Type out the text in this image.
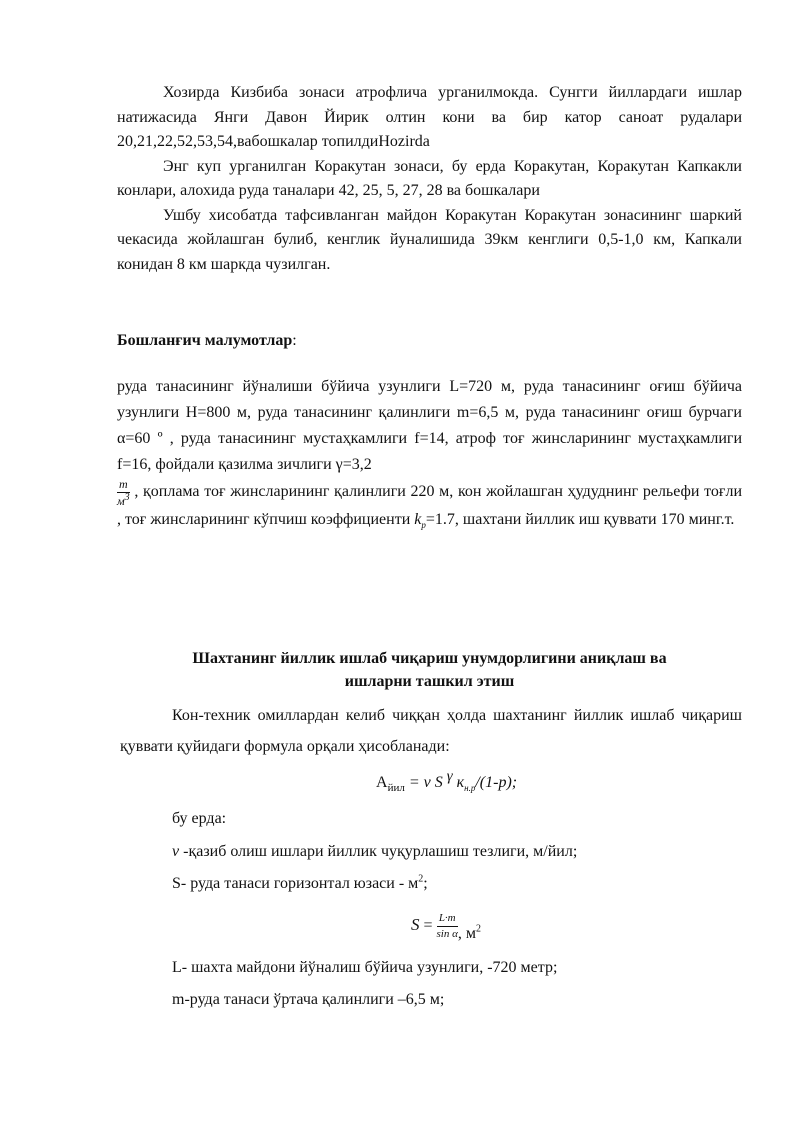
Хозирда Кизбиба зонаси атрофлича урганилмокда. Сунгги йиллардаги ишлар натижасида Янги Давон Йирик олтин кони ва бир катор саноат рудалари 20,21,22,52,53,54,вабошкалар топилдиHozirda

Энг куп урганилган Коракутан зонаси, бу ерда Коракутан, Коракутан Капкакли конлари, алохида руда таналари 42, 25, 5, 27, 28 ва бошкалари

Ушбу хисобатда тафсивланган майдон Коракутан Коракутан зонасининг шаркий чекасида жойлашган булиб, кенглик йуналишида 39км кенглиги 0,5-1,0 км, Капкали конидан 8 км шаркда чузилган.

Бошланғич малумотлар:

руда танасининг йўналиши бўйича узунлиги L=720 м, руда танасининг оғиш бўйича узунлиги H=800 м, руда танасининг қалинлиги m=6,5 м, руда танасининг оғиш бурчаги α=60 º , руда танасининг мустаҳкамлиги f=14, атроф тоғ жинсларининг мустаҳкамлиги f=16, фойдали қазилма зичлиги γ=3,2

$\frac{m}{м^3}$ , қоплама тоғ жинсларининг қалинлиги 220 м, кон жойлашган ҳудуднинг рельефи тоғли , тоғ жинсларининг кўпчиш коэффициенти $k_p=1.7$, шахтани йиллик иш қуввати 170 минг.т.

Шахтанинг йиллик ишлаб чиқариш унумдорлигини аниқлаш ва
ишларни ташкил этиш

Кон-техник омиллардан келиб чиққан ҳолда шахтанинг йиллик ишлаб чиқариш қуввати қуйидаги формула орқали ҳисобланади:

$A_{йил} = v$ S $^\gamma$ $к_{н.р}/(1-p)$;
бу ерда:
v -қазиб олиш ишлари йиллик чуқурлашиш тезлиги, м/йил;
S- руда танаси горизонтал юзаси - $м^2$;
$S = \frac{L\cdot m}{\text{sin α}}$ , $м^2$
L- шахта майдони йўналиш бўйича узунлиги, -720 метр;
m-руда танаси ўртача қалинлиги –6,5 м;
